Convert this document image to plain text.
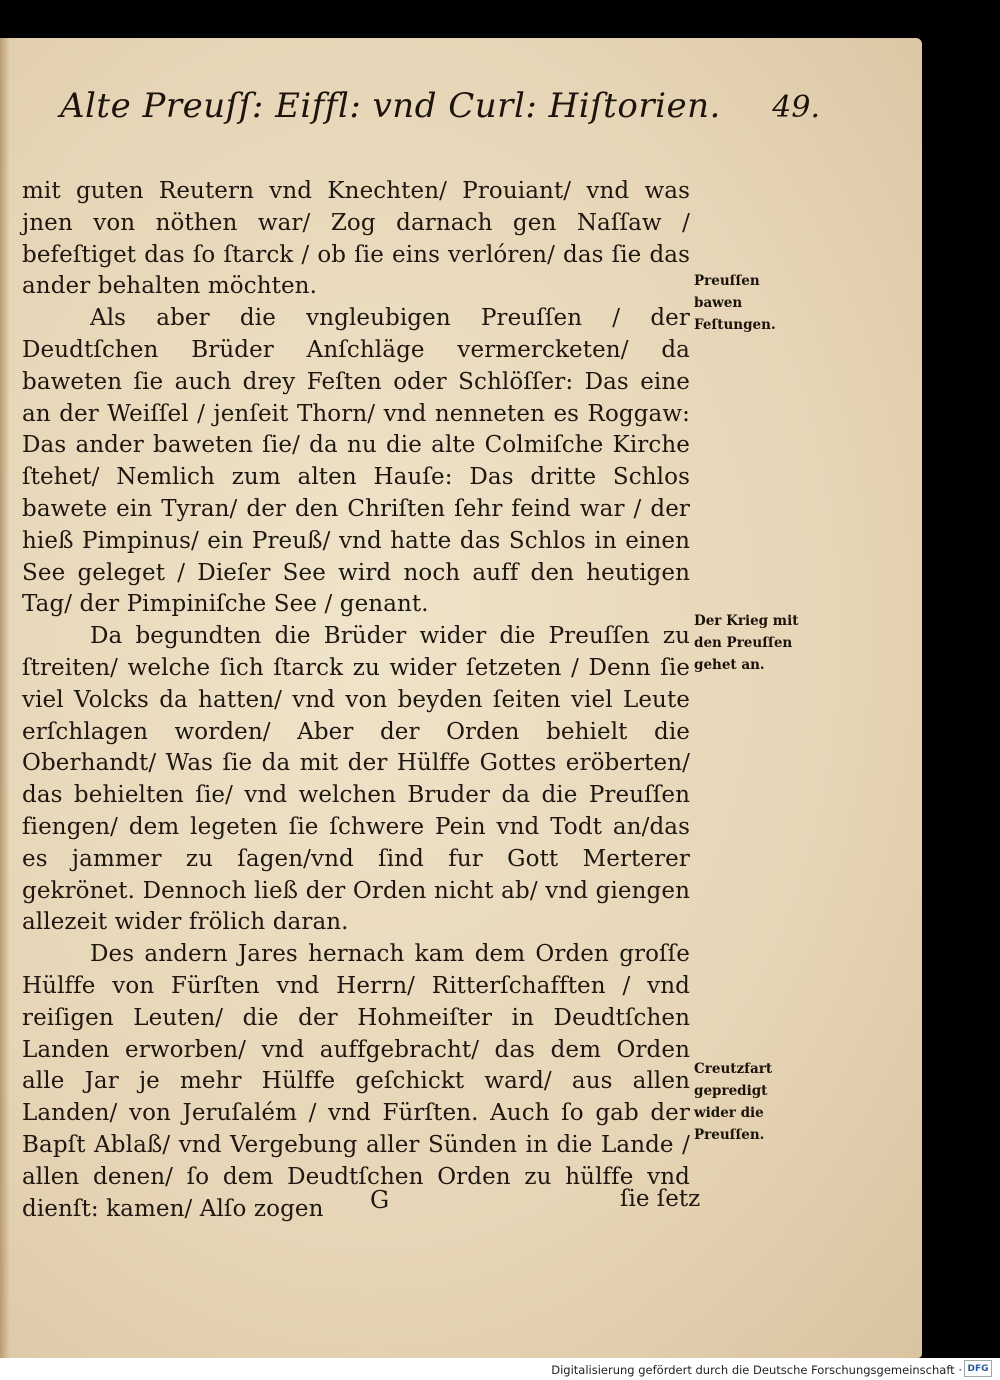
Alte Preuſſ: Eiffl: vnd Curl: Hiſtorien. 49.

mit guten Reutern vnd Knechten/ Prouiant/ vnd was jnen von nöthen war/ Zog darnach gen Naſſaw / befeſtiget das ſo ſtarck / ob ſie eins verlóren/ das ſie das ander behalten möchten.

Als aber die vngleubigen Preuſſen / der Deudtſchen Brüder Anſchläge vermercketen/ da baweten ſie auch drey Feſten oder Schlöſſer: Das eine an der Weiſſel / jenſeit Thorn/ vnd nenneten es Roggaw: Das ander baweten ſie/ da nu die alte Colmiſche Kirche ſtehet/ Nemlich zum alten Hauſe: Das dritte Schlos bawete ein Tyran/ der den Chriſten ſehr feind war / der hieß Pimpinus/ ein Preuß/ vnd hatte das Schlos in einen See geleget / Dieſer See wird noch auff den heutigen Tag/ der Pimpiniſche See / genant.

Da begundten die Brüder wider die Preuſſen zu ſtreiten/ welche ſich ſtarck zu wider ſetzeten / Denn ſie viel Volcks da hatten/ vnd von beyden ſeiten viel Leute erſchlagen worden/ Aber der Orden behielt die Oberhandt/ Was ſie da mit der Hülffe Gottes eröberten/ das behielten ſie/ vnd welchen Bruder da die Preuſſen fiengen/ dem legeten ſie ſchwere Pein vnd Todt an/das es jammer zu ſagen/vnd ſind fur Gott Merterer gekrönet. Dennoch ließ der Orden nicht ab/ vnd giengen allezeit wider frölich daran.

Des andern Jares hernach kam dem Orden groſſe Hülffe von Fürſten vnd Herrn/ Ritterſchafften / vnd reiſigen Leuten/ die der Hohmeiſter in Deudtſchen Landen erworben/ vnd auffgebracht/ das dem Orden alle Jar je mehr Hülffe geſchickt ward/ aus allen Landen/ von Jeruſalém / vnd Fürſten. Auch ſo gab der Bapſt Ablaß/ vnd Vergebung aller Sünden in die Lande / allen denen/ ſo dem Deudtſchen Orden zu hülffe vnd dienſt: kamen/ Alſo zogen

Preuſſen bawen Feſtungen.
Der Krieg mit den Preuſſen gehet an.
Creutzfart gepredigt wider die Preuſſen.
G	ſie ſetz
Digitalisierung gefördert durch die Deutsche Forschungsgemeinschaft · DFG
